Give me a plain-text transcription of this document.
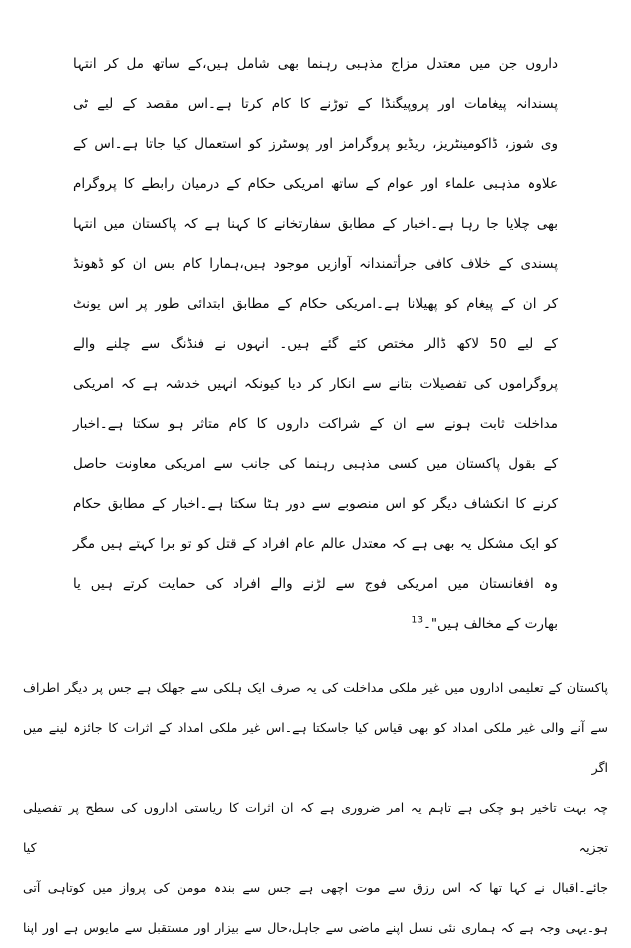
داروں جن میں معتدل مزاج مذہبی رہنما بھی شامل ہیں،کے ساتھ مل کر انتہا
پسندانہ پیغامات اور پروپیگنڈا کے توڑنے کا کام کرتا ہے۔اس مقصد کے لیے ٹی
وی شوز، ڈاکومینٹریز، ریڈیو پروگرامز اور پوسٹرز کو استعمال کیا جاتا ہے۔اس کے
علاوہ مذہبی علماء اور عوام کے ساتھ امریکی حکام کے درمیان رابطے کا پروگرام
بھی چلایا جا رہا ہے۔اخبار کے مطابق سفارتخانے کا کہنا ہے کہ پاکستان میں انتہا
پسندی کے خلاف کافی جرأتمندانہ آوازیں موجود ہیں،ہمارا کام بس ان کو ڈھونڈ
کر ان کے پیغام کو پھیلانا ہے۔امریکی حکام کے مطابق ابتدائی طور پر اس یونٹ
کے لیے 50 لاکھ ڈالر مختص کئے گئے ہیں۔ انہوں نے فنڈنگ سے چلنے والے
پروگراموں کی تفصیلات بتانے سے انکار کر دیا کیونکہ انہیں خدشہ ہے کہ امریکی
مداخلت ثابت ہونے سے ان کے شراکت داروں کا کام متاثر ہو سکتا ہے۔اخبار
کے بقول پاکستان میں کسی مذہبی رہنما کی جانب سے امریکی معاونت حاصل
کرنے کا انکشاف دیگر کو اس منصوبے سے دور ہٹا سکتا ہے۔اخبار کے مطابق حکام
کو ایک مشکل یہ بھی ہے کہ معتدل عالم عام افراد کے قتل کو تو برا کہتے ہیں مگر
وہ افغانستان میں امریکی فوج سے لڑنے والے افراد کی حمایت کرتے ہیں یا
بھارت کے مخالف ہیں"۔$^{13}$
پاکستان کے تعلیمی اداروں میں غیر ملکی مداخلت کی یہ صرف ایک ہلکی سے جھلک ہے جس پر دیگر اطراف
سے آنے والی غیر ملکی امداد کو بھی قیاس کیا جاسکتا ہے۔اس غیر ملکی امداد کے اثرات کا جائزہ لینے میں اگر
چہ بہت تاخیر ہو چکی ہے تاہم یہ امر ضروری ہے کہ ان اثرات کا ریاستی اداروں کی سطح پر تفصیلی تجزیہ کیا
جائے۔اقبال نے کہا تھا کہ اس رزق سے موت اچھی ہے جس سے بندہ مومن کی پرواز میں کوتاہی آتی
ہو۔یہی وجہ ہے کہ ہماری نئی نسل اپنے ماضی سے جاہل،حال سے بیزار اور مستقبل سے مایوس ہے اور اپنا
